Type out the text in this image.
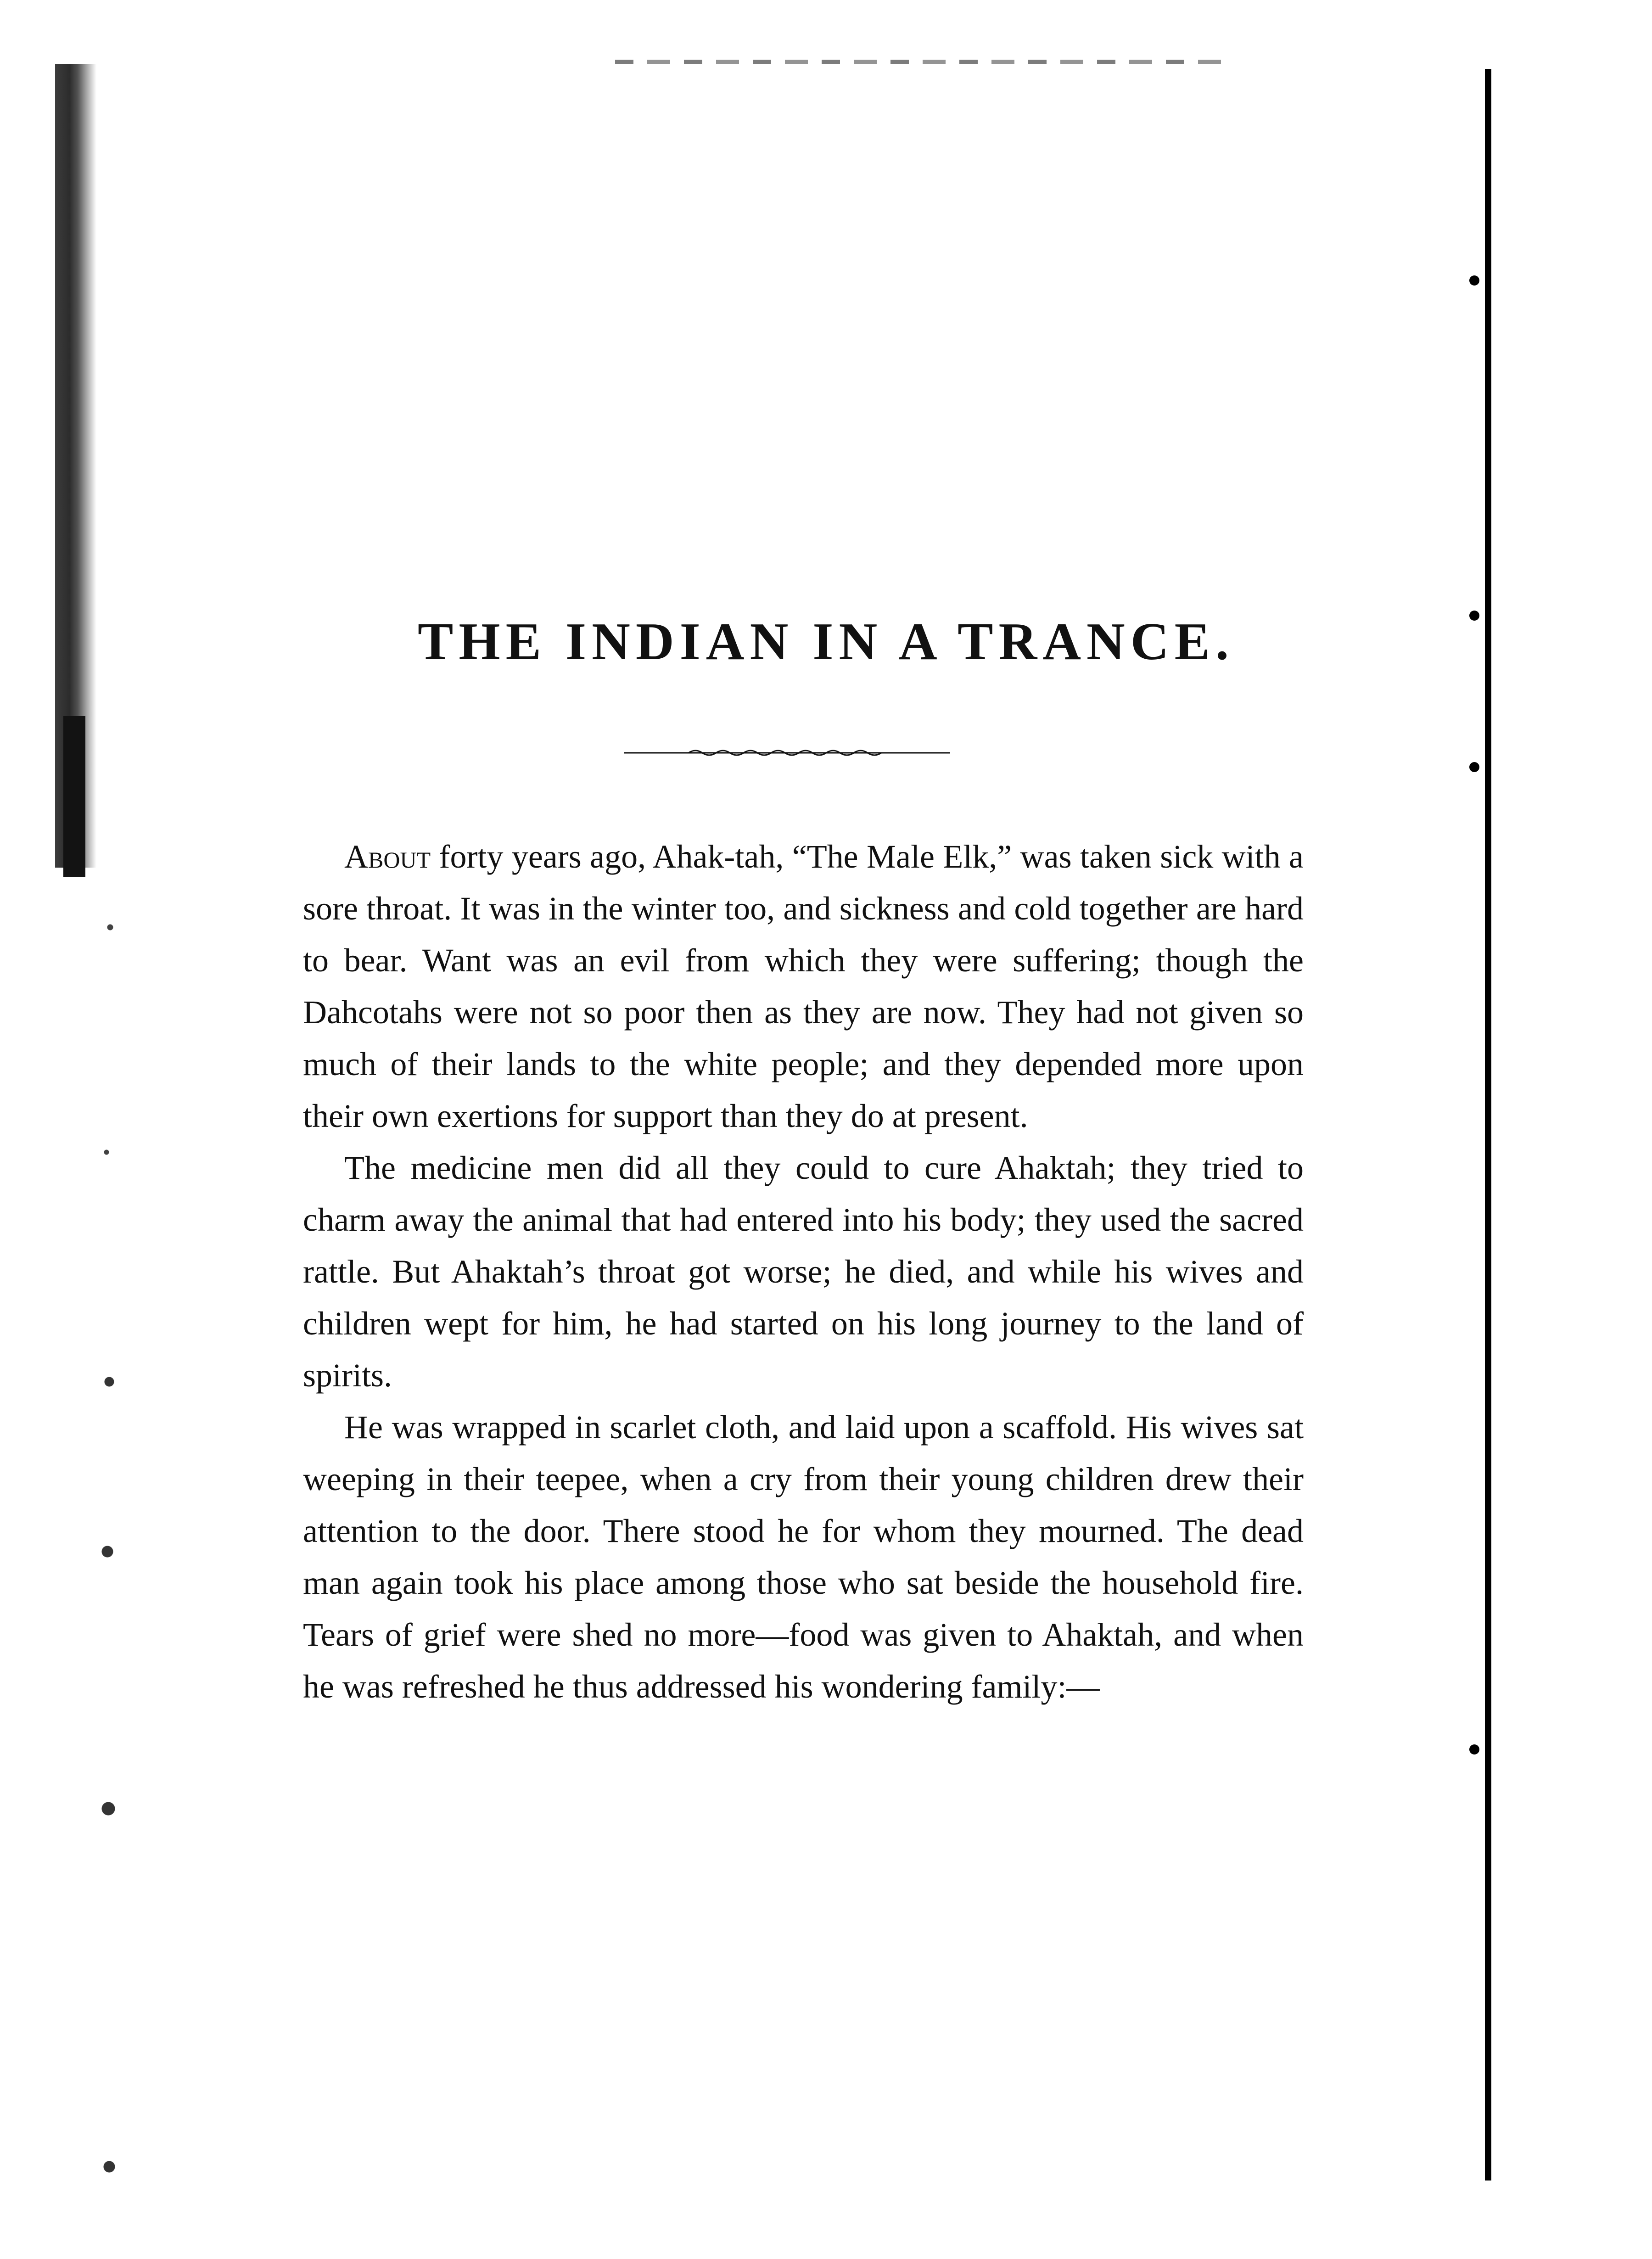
THE INDIAN IN A TRANCE.

About forty years ago, Ahak-tah, “The Male Elk,” was taken sick with a sore throat. It was in the winter too, and sickness and cold together are hard to bear. Want was an evil from which they were suffering; though the Dahcotahs were not so poor then as they are now. They had not given so much of their lands to the white people; and they depended more upon their own exertions for support than they do at present.

The medicine men did all they could to cure Ahaktah; they tried to charm away the animal that had entered into his body; they used the sacred rattle. But Ahaktah’s throat got worse; he died, and while his wives and children wept for him, he had started on his long journey to the land of spirits.

He was wrapped in scarlet cloth, and laid upon a scaffold. His wives sat weeping in their teepee, when a cry from their young children drew their attention to the door. There stood he for whom they mourned. The dead man again took his place among those who sat beside the household fire. Tears of grief were shed no more—food was given to Ahaktah, and when he was refreshed he thus addressed his wondering family:—
